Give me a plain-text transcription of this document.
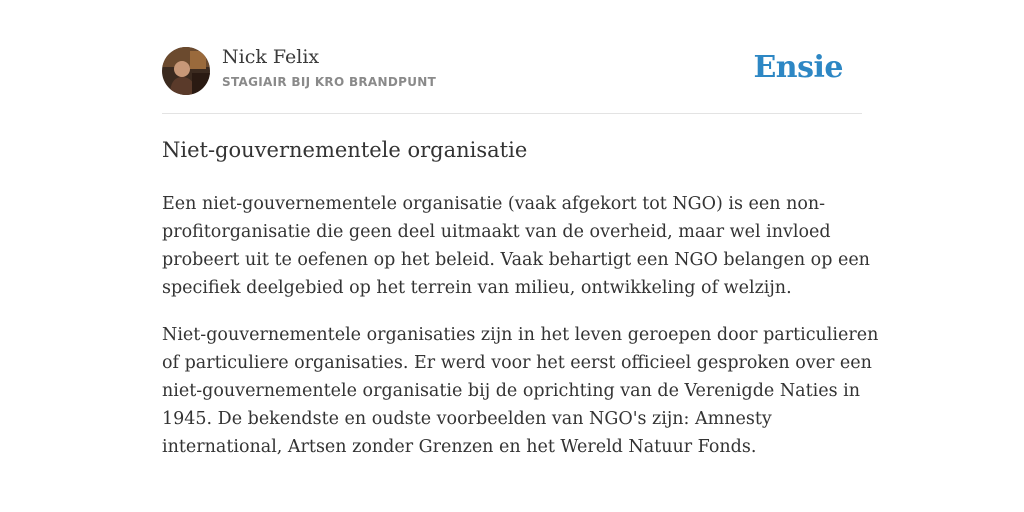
Nick Felix
STAGIAIR BIJ KRO BRANDPUNT	Ensie
Niet-gouvernementele organisatie
Een niet-gouvernementele organisatie (vaak afgekort tot NGO) is een non-
profitorganisatie die geen deel uitmaakt van de overheid, maar wel invloed
probeert uit te oefenen op het beleid. Vaak behartigt een NGO belangen op een
specifiek deelgebied op het terrein van milieu, ontwikkeling of welzijn.
Niet-gouvernementele organisaties zijn in het leven geroepen door particulieren
of particuliere organisaties. Er werd voor het eerst officieel gesproken over een
niet-gouvernementele organisatie bij de oprichting van de Verenigde Naties in
1945. De bekendste en oudste voorbeelden van NGO's zijn: Amnesty
international, Artsen zonder Grenzen en het Wereld Natuur Fonds.
